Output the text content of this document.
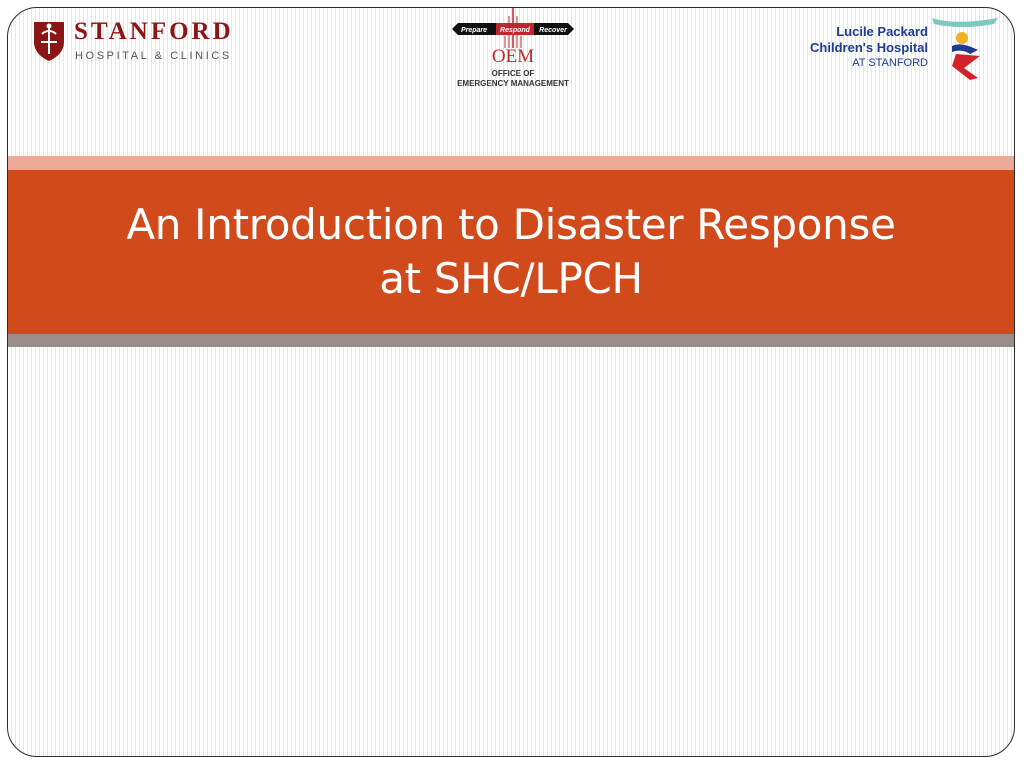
STANFORD
HOSPITAL & CLINICS
Prepare Respond Recover
OEM
OFFICE OF
EMERGENCY MANAGEMENT
Lucile Packard
Children's Hospital
AT STANFORD
An Introduction to Disaster Response
at SHC/LPCH
